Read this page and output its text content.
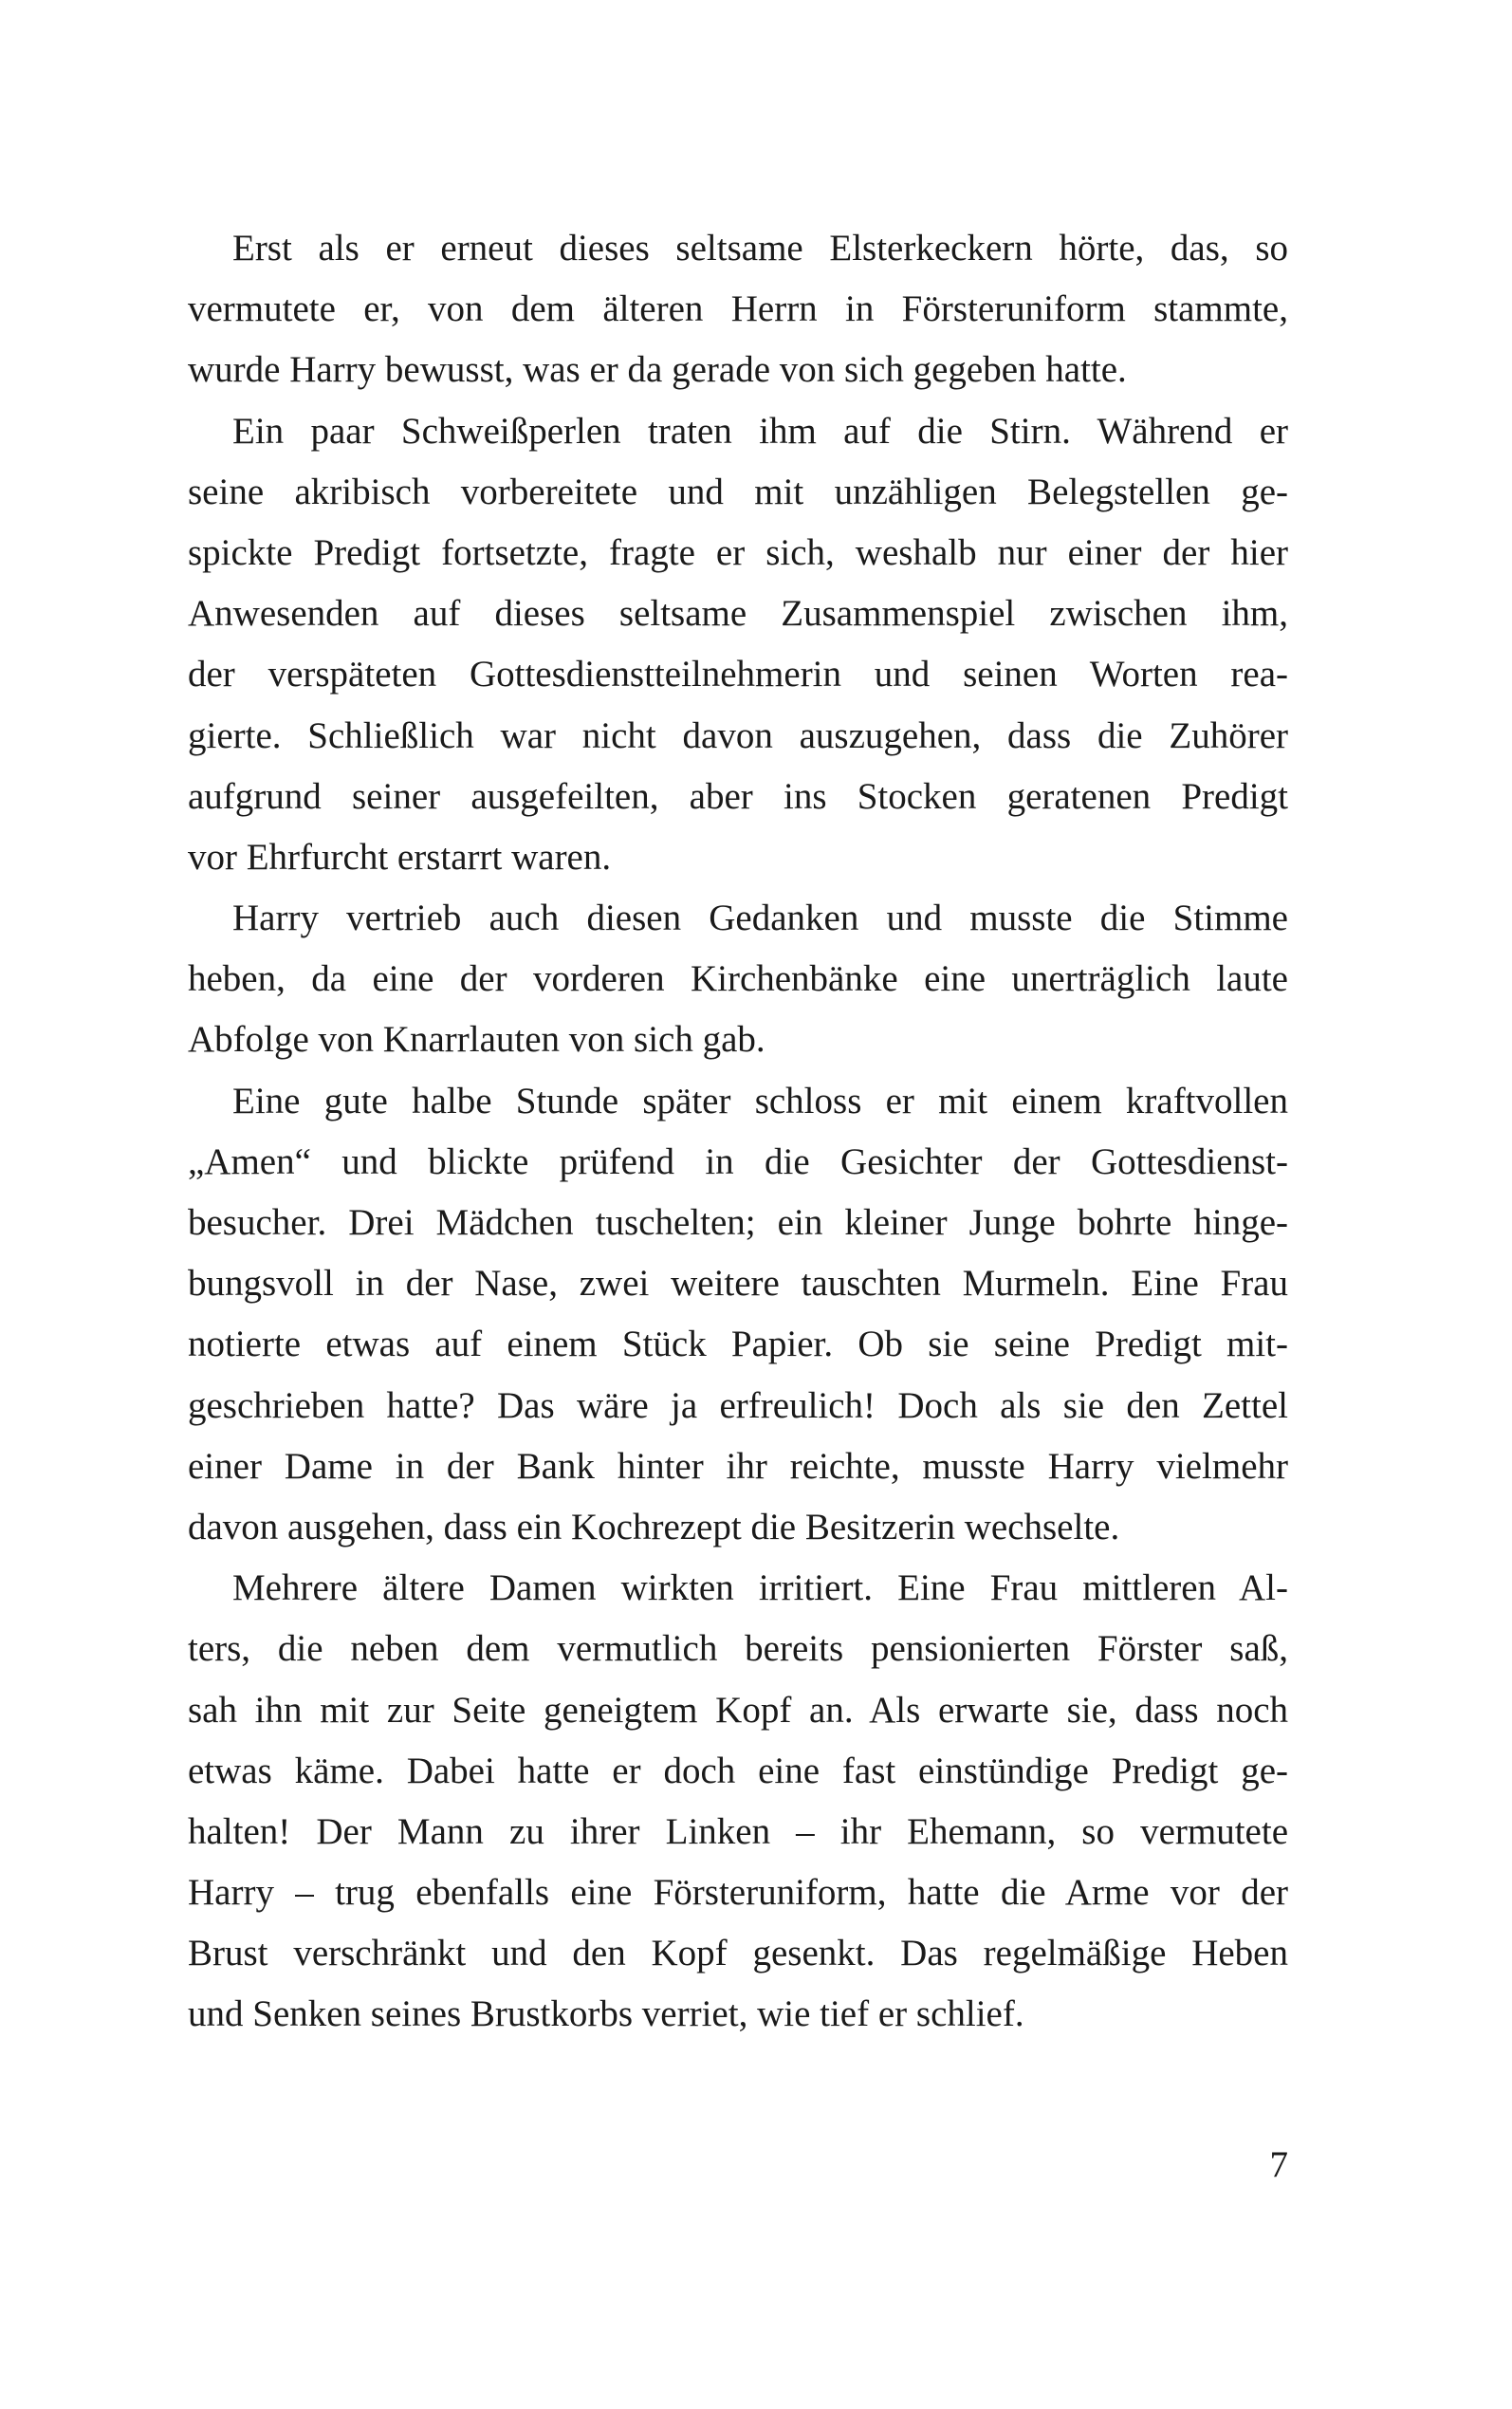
Erst als er erneut dieses seltsame Elsterkeckern hörte, das, so
vermutete er, von dem älteren Herrn in Försteruniform stammte,
wurde Harry bewusst, was er da gerade von sich gegeben hatte.

Ein paar Schweißperlen traten ihm auf die Stirn. Während er
seine akribisch vorbereitete und mit unzähligen Belegstellen ge-
spickte Predigt fortsetzte, fragte er sich, weshalb nur einer der hier
Anwesenden auf dieses seltsame Zusammenspiel zwischen ihm,
der verspäteten Gottesdienstteilnehmerin und seinen Worten rea-
gierte. Schließlich war nicht davon auszugehen, dass die Zuhörer
aufgrund seiner ausgefeilten, aber ins Stocken geratenen Predigt
vor Ehrfurcht erstarrt waren.

Harry vertrieb auch diesen Gedanken und musste die Stimme
heben, da eine der vorderen Kirchenbänke eine unerträglich laute
Abfolge von Knarrlauten von sich gab.

Eine gute halbe Stunde später schloss er mit einem kraftvollen
„Amen“ und blickte prüfend in die Gesichter der Gottesdienst-
besucher. Drei Mädchen tuschelten; ein kleiner Junge bohrte hinge-
bungsvoll in der Nase, zwei weitere tauschten Murmeln. Eine Frau
notierte etwas auf einem Stück Papier. Ob sie seine Predigt mit-
geschrieben hatte? Das wäre ja erfreulich! Doch als sie den Zettel
einer Dame in der Bank hinter ihr reichte, musste Harry vielmehr
davon ausgehen, dass ein Kochrezept die Besitzerin wechselte.

Mehrere ältere Damen wirkten irritiert. Eine Frau mittleren Al-
ters, die neben dem vermutlich bereits pensionierten Förster saß,
sah ihn mit zur Seite geneigtem Kopf an. Als erwarte sie, dass noch
etwas käme. Dabei hatte er doch eine fast einstündige Predigt ge-
halten! Der Mann zu ihrer Linken – ihr Ehemann, so vermutete
Harry – trug ebenfalls eine Försteruniform, hatte die Arme vor der
Brust verschränkt und den Kopf gesenkt. Das regelmäßige Heben
und Senken seines Brustkorbs verriet, wie tief er schlief.

7
